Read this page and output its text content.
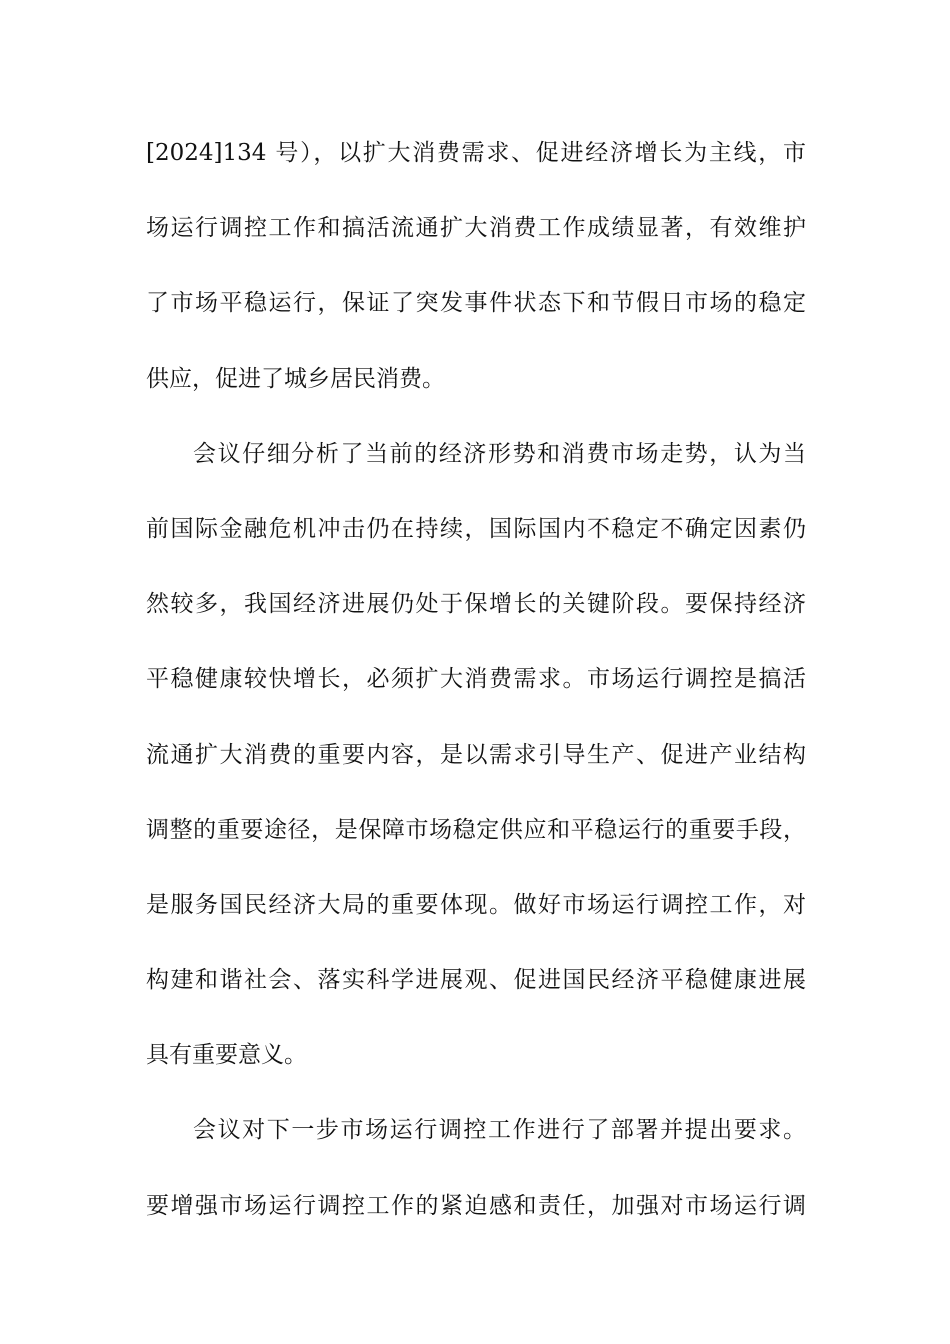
[2024]134 号），以扩大消费需求、促进经济增长为主线，市
场运行调控工作和搞活流通扩大消费工作成绩显著，有效维护
了市场平稳运行，保证了突发事件状态下和节假日市场的稳定
供应，促进了城乡居民消费。
会议仔细分析了当前的经济形势和消费市场走势，认为当
前国际金融危机冲击仍在持续，国际国内不稳定不确定因素仍
然较多，我国经济进展仍处于保增长的关键阶段。要保持经济
平稳健康较快增长，必须扩大消费需求。市场运行调控是搞活
流通扩大消费的重要内容，是以需求引导生产、促进产业结构
调整的重要途径，是保障市场稳定供应和平稳运行的重要手段，
是服务国民经济大局的重要体现。做好市场运行调控工作，对
构建和谐社会、落实科学进展观、促进国民经济平稳健康进展
具有重要意义。
会议对下一步市场运行调控工作进行了部署并提出要求。
要增强市场运行调控工作的紧迫感和责任，加强对市场运行调
